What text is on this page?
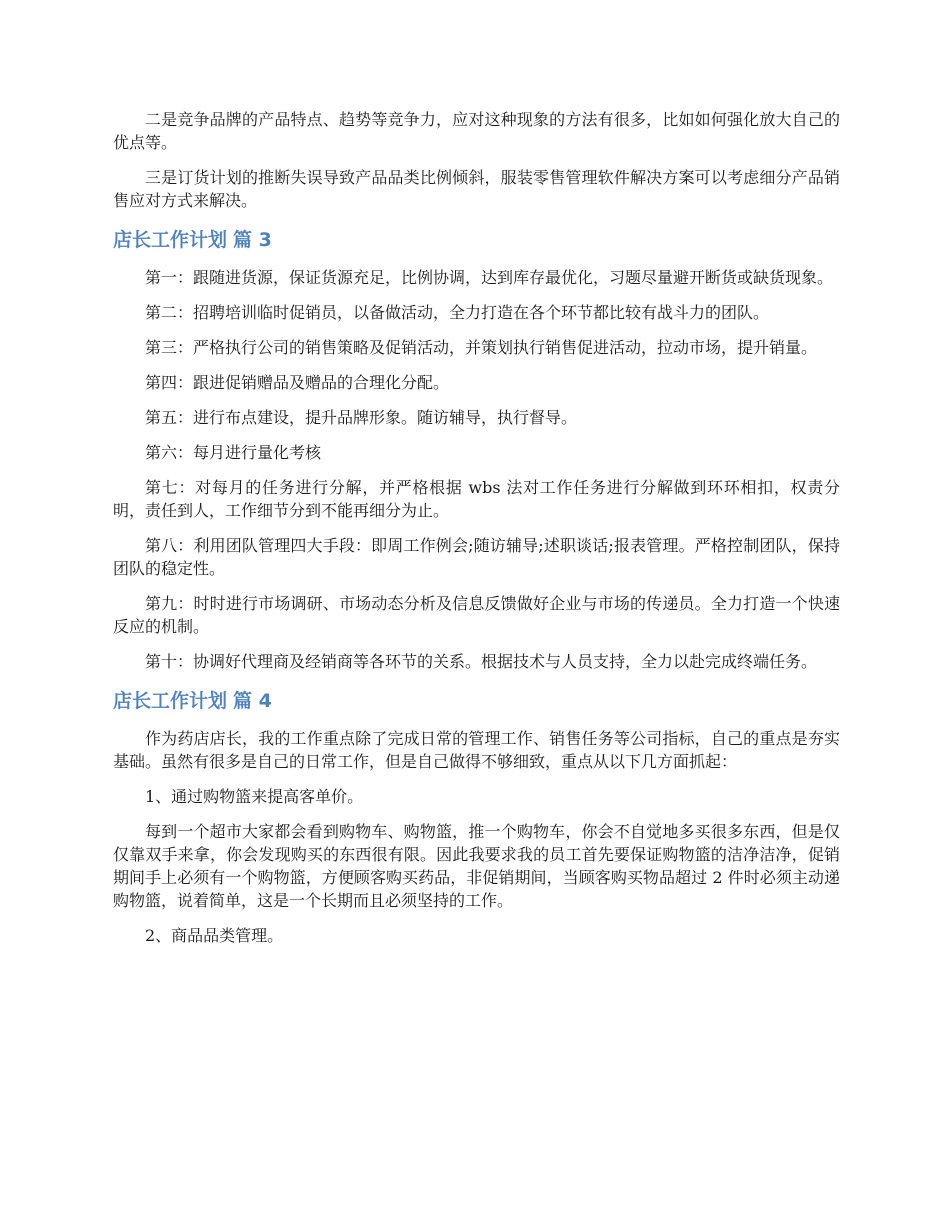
二是竞争品牌的产品特点、趋势等竞争力，应对这种现象的方法有很多，比如如何强化放大自己的优点等。

三是订货计划的推断失误导致产品品类比例倾斜，服装零售管理软件解决方案可以考虑细分产品销售应对方式来解决。

店长工作计划 篇 3

第一：跟随进货源，保证货源充足，比例协调，达到库存最优化，习题尽量避开断货或缺货现象。

第二：招聘培训临时促销员，以备做活动，全力打造在各个环节都比较有战斗力的团队。

第三：严格执行公司的销售策略及促销活动，并策划执行销售促进活动，拉动市场，提升销量。

第四：跟进促销赠品及赠品的合理化分配。

第五：进行布点建设，提升品牌形象。随访辅导，执行督导。

第六：每月进行量化考核

第七：对每月的任务进行分解，并严格根据 wbs 法对工作任务进行分解做到环环相扣，权责分明，责任到人，工作细节分到不能再细分为止。

第八：利用团队管理四大手段：即周工作例会;随访辅导;述职谈话;报表管理。严格控制团队，保持团队的稳定性。

第九：时时进行市场调研、市场动态分析及信息反馈做好企业与市场的传递员。全力打造一个快速反应的机制。

第十：协调好代理商及经销商等各环节的关系。根据技术与人员支持，全力以赴完成终端任务。

店长工作计划 篇 4

作为药店店长，我的工作重点除了完成日常的管理工作、销售任务等公司指标，自己的重点是夯实基础。虽然有很多是自己的日常工作，但是自己做得不够细致，重点从以下几方面抓起：

1、通过购物篮来提高客单价。

每到一个超市大家都会看到购物车、购物篮，推一个购物车，你会不自觉地多买很多东西，但是仅仅靠双手来拿，你会发现购买的东西很有限。因此我要求我的员工首先要保证购物篮的洁净洁净，促销期间手上必须有一个购物篮，方便顾客购买药品，非促销期间，当顾客购买物品超过 2 件时必须主动递购物篮，说着简单，这是一个长期而且必须坚持的工作。

2、商品品类管理。
